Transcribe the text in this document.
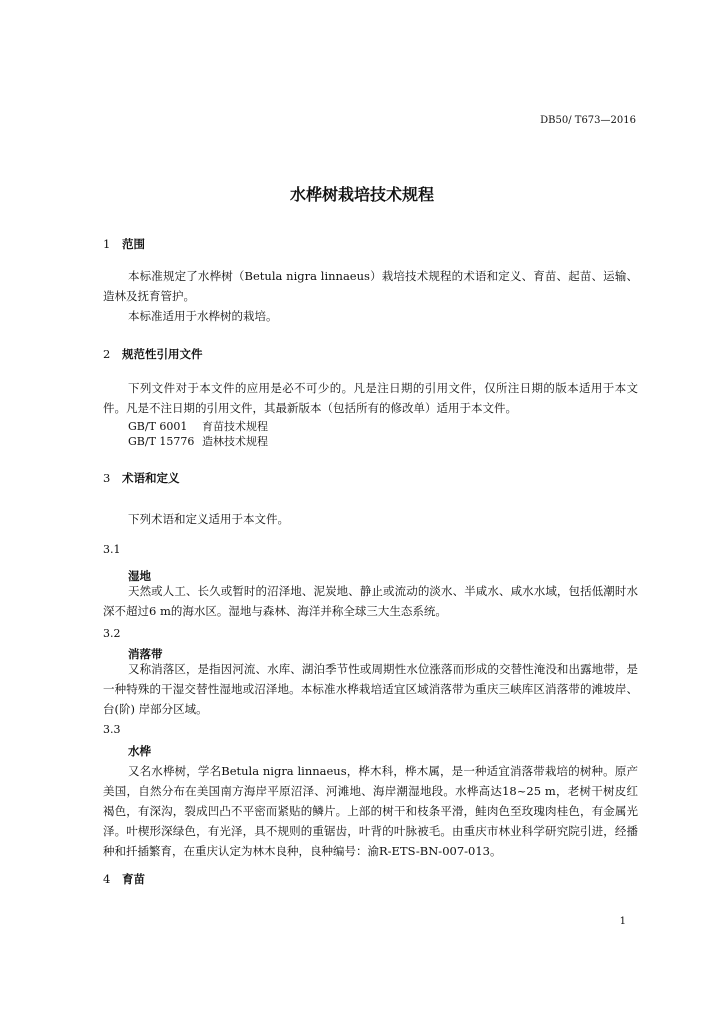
DB50/ T673—2016
水桦树栽培技术规程
1 范围

本标准规定了水桦树（Betula nigra linnaeus）栽培技术规程的术语和定义、育苗、起苗、运输、造林及抚育管护。

本标准适用于水桦树的栽培。

2 规范性引用文件

下列文件对于本文件的应用是必不可少的。凡是注日期的引用文件，仅所注日期的版本适用于本文件。凡是不注日期的引用文件，其最新版本（包括所有的修改单）适用于本文件。

GB/T 6001 育苗技术规程
GB/T 15776 造林技术规程
3 术语和定义

下列术语和定义适用于本文件。

3.1
湿地

天然或人工、长久或暂时的沼泽地、泥炭地、静止或流动的淡水、半咸水、咸水水域，包括低潮时水深不超过6 m的海水区。湿地与森林、海洋并称全球三大生态系统。

3.2
消落带

又称消落区，是指因河流、水库、湖泊季节性或周期性水位涨落而形成的交替性淹没和出露地带，是一种特殊的干湿交替性湿地或沼泽地。本标准水桦栽培适宜区域消落带为重庆三峡库区消落带的滩坡岸、台(阶) 岸部分区域。

3.3
水桦

又名水桦树，学名Betula nigra linnaeus，桦木科，桦木属，是一种适宜消落带栽培的树种。原产美国，自然分布在美国南方海岸平原沼泽、河滩地、海岸潮湿地段。水桦高达18~25 m，老树干树皮红褐色，有深沟，裂成凹凸不平密而紧贴的鳞片。上部的树干和枝条平滑，鲑肉色至玫瑰肉桂色，有金属光泽。叶楔形深绿色，有光泽，具不规则的重锯齿，叶背的叶脉被毛。由重庆市林业科学研究院引进，经播种和扦插繁育，在重庆认定为林木良种，良种编号：渝R-ETS-BN-007-013。

4 育苗
1
